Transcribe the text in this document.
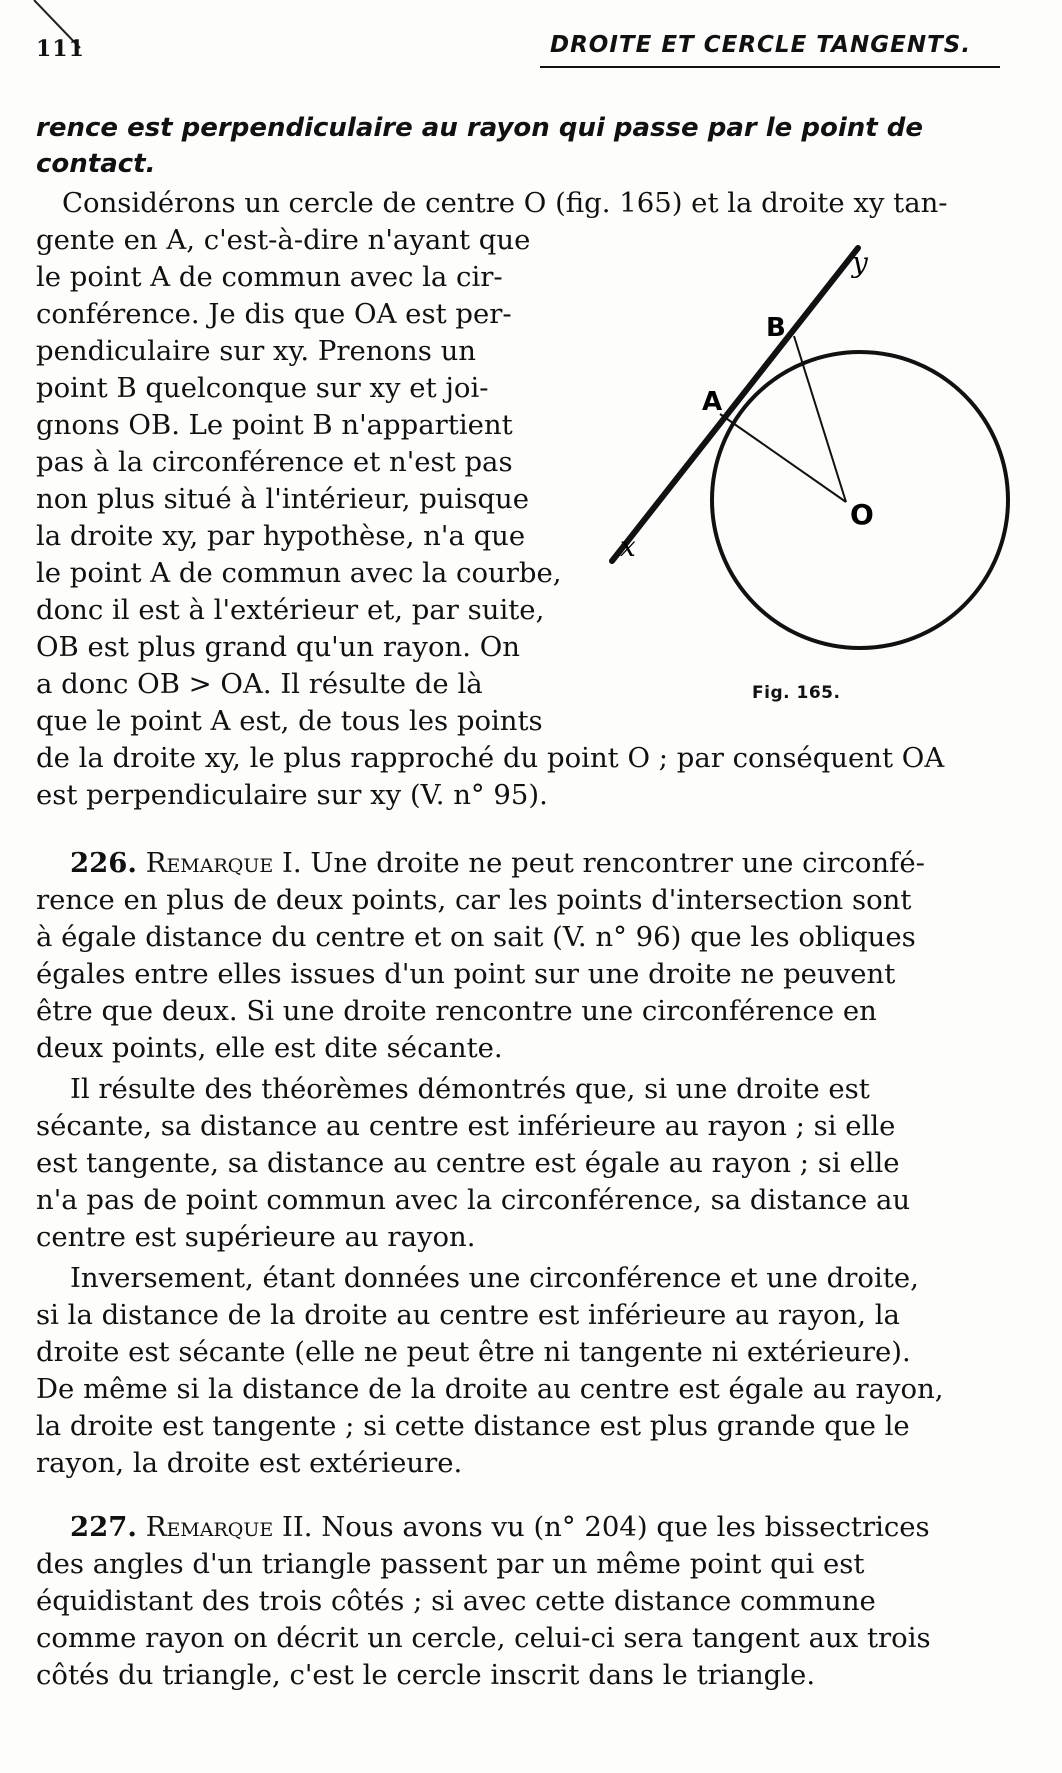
111	DROITE ET CERCLE TANGENTS.
rence est perpendiculaire au rayon qui passe par le point de
contact.
Considérons un cercle de centre O (fig. 165) et la droite xy tan-
gente en A, c'est-à-dire n'ayant que
le point A de commun avec la cir-
conférence. Je dis que OA est per-
pendiculaire sur xy. Prenons un
point B quelconque sur xy et joi-
gnons OB. Le point B n'appartient
pas à la circonférence et n'est pas
non plus situé à l'intérieur, puisque
la droite xy, par hypothèse, n'a que
le point A de commun avec la courbe,
donc il est à l'extérieur et, par suite,
OB est plus grand qu'un rayon. On
a donc OB > OA. Il résulte de là
que le point A est, de tous les points
de la droite xy, le plus rapproché du point O ; par conséquent OA
est perpendiculaire sur xy (V. n° 95).
y
B
A
O
x
Fig. 165.
226. Remarque I. Une droite ne peut rencontrer une circonfé-
rence en plus de deux points, car les points d'intersection sont
à égale distance du centre et on sait (V. n° 96) que les obliques
égales entre elles issues d'un point sur une droite ne peuvent
être que deux. Si une droite rencontre une circonférence en
deux points, elle est dite sécante.
Il résulte des théorèmes démontrés que, si une droite est
sécante, sa distance au centre est inférieure au rayon ; si elle
est tangente, sa distance au centre est égale au rayon ; si elle
n'a pas de point commun avec la circonférence, sa distance au
centre est supérieure au rayon.
Inversement, étant données une circonférence et une droite,
si la distance de la droite au centre est inférieure au rayon, la
droite est sécante (elle ne peut être ni tangente ni extérieure).
De même si la distance de la droite au centre est égale au rayon,
la droite est tangente ; si cette distance est plus grande que le
rayon, la droite est extérieure.
227. Remarque II. Nous avons vu (n° 204) que les bissectrices
des angles d'un triangle passent par un même point qui est
équidistant des trois côtés ; si avec cette distance commune
comme rayon on décrit un cercle, celui-ci sera tangent aux trois
côtés du triangle, c'est le cercle inscrit dans le triangle.
